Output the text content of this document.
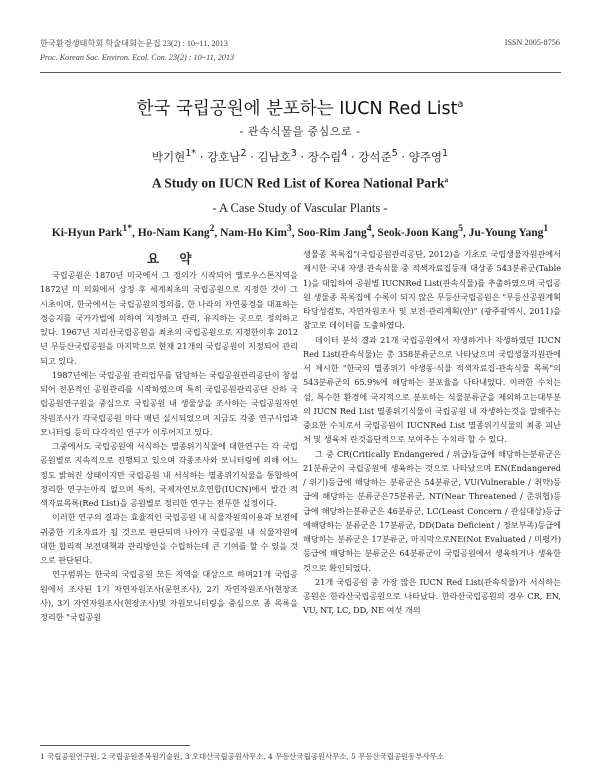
한국환경생태학회 학술대회논문집 23(2) : 10~11, 2013	ISSN 2005-8756
Proc. Korean Soc. Environ. Ecol. Con. 23(2) : 10~11, 2013
한국 국립공원에 분포하는 IUCN Red List$^a$
- 관속식물을 중심으로 -
박기현$^{1*}$ · 강호남$^2$ · 김남호$^3$ · 장수림$^4$ · 강석준$^5$ · 양주영$^1$
A Study on IUCN Red List of Korea National Park$^a$
- A Case Study of Vascular Plants -
Ki-Hyun Park$^{1*}$, Ho-Nam Kang$^2$, Nam-Ho Kim$^3$, Soo-Rim Jang$^4$, Seok-Joon Kang$^5$, Ju-Young Yang$^1$
요 약

국립공원은 1870년 미국에서 그 정의가 시작되어 옐로우스톤지역을 1872년 미 의회에서 상정 후 세계최초의 국립공원으로 지정한 것이 그 시초이며, 한국에서는 국립공원의정의를, 한 나라의 자연풍경을 대표하는 경승지를 국가가법에 의하여 지정하고 관리, 유지하는 곳으로 정의하고 있다. 1967년 지리산국립공원을 최초의 국립공원으로 지정한이후 2012년 무등산국립공원을 마지막으로 현재 21개의 국립공원이 지정되어 관리되고 있다.

1987년에는 국립공원 관리업무를 담당하는 국립공원관리공단이 창설되어 전문적인 공원관리를 시작하였으며 특히 국립공원관리공단 산하 국립공원연구원을 중심으로 국립공원 내 생물상을 조사하는 국립공원자연자원조사가 각국립공원 마다 매년 실시되었으며 지금도 각종 연구사업과모니터링 등의 다각적인 연구가 이루어지고 있다.

그중에서도 국립공원에 서식하는 멸종위기식물에 대한연구는 각 국립공원별로 지속적으로 진행되고 있으며 각종조사와 모니터링에 의해 어느 정도 밝혀진 상태이지만 국립공원 내 서식하는 멸종위기식물을 통합하여 정리한 연구는아직 없으며 특히, 국제자연보호연합(IUCN)에서 발간 적색자료목록(Red List)을 공원별로 정리한 연구는 전무한 실정이다.

이러한 연구의 결과는 효율적인 국립공원 내 식물자원의이용과 보전에 귀중한 기초자료가 될 것으로 판단되며 나아가 국립공원 내 식물자원에 대한 합리적 보전대책과 관리방안을 수립하는데 큰 기여를 할 수 있을 것으로 판단된다.

연구범위는 한국의 국립공원 모든 지역을 대상으로 하며21개 국립공원에서 조사된 1기 자연자원조사(문헌조사), 2기 자연자원조사(현장조사), 3기 자연자원조사(현장조사)및 자원모니터링을 중심으로 종 목록을 정리한 "국립공원

생물종 목록집"(국립공원관리공단, 2012)을 기초로 국립생물자원관에서 제시한 국내 자생 관속식물 중 적색자료집등재 대상종 543분류군(Table 1)을 대입하여 공원별 IUCNRed List(관속식물)를 추출하였으며 국립공원 생물종 목록집에 수록이 되지 않은 무등산국립공원은 "무등산공원계획타당성검토, 자연자원조사 및 보전·관리계획(안)" (광주광역시, 2011)을 참고로 데이터를 도출하였다.

데이터 분석 결과 21개 국립공원에서 자생하거나 자생하였던 IUCN Red List(관속식물)는 총 358분류군으로 나타났으며 국립생물자원관에서 제시한 "한국의 멸종위기 야생동·식물 적색자료집-관속식물 목록"의 543분류군의 65.9%에 해당하는 분포율을 나타내었다. 이러한 수치는 섬, 특수한 환경에 국지적으로 분포하는 식물분류군을 제외하고는대부분의 IUCN Red List 멸종위기식물이 국립공원 내 자생하는것을 말해주는 중요한 수치로서 국립공원이 IUCNRed List 멸종위기식물의 최종 피난처 및 생육처 란것을단적으로 보여주는 수치라 할 수 있다.

그 중 CR(Critically Endangered / 위급)등급에 해당하는분류군은 21분류군이 국립공원에 생육하는 것으로 나타났으며 EN(Endangered / 위기)등급에 해당하는 분류군은 54분류군, VU(Vulnerable / 취약)등급에 해당하는 분류군은75분류군, NT(Near Threatened / 준위협)등급에 해당하는분류군은 46분류군, LC(Least Concern / 관심대상)등급에해당하는 분류군은 17분류군, DD(Data Deficient / 정보부족)등급에 해당하는 분류군은 17분류군, 마지막으로NE(Not Evaluated / 미평가)등급에 해당하는 분류군은 64분류군이 국립공원에서 생육하거나 생육한 것으로 확인되었다.

21개 국립공원 중 가장 많은 IUCN Red List(관속식물)가 서식하는 공원은 한라산국립공원으로 나타났다. 한라산국립공원의 경우 CR, EN, VU, NT, LC, DD, NE 여섯 개의

1 국립공원연구원, 2 국립공원종복원기술원, 3 오대산국립공원사무소, 4 무등산국립공원사무소, 5 무등산국립공원동부사무소
